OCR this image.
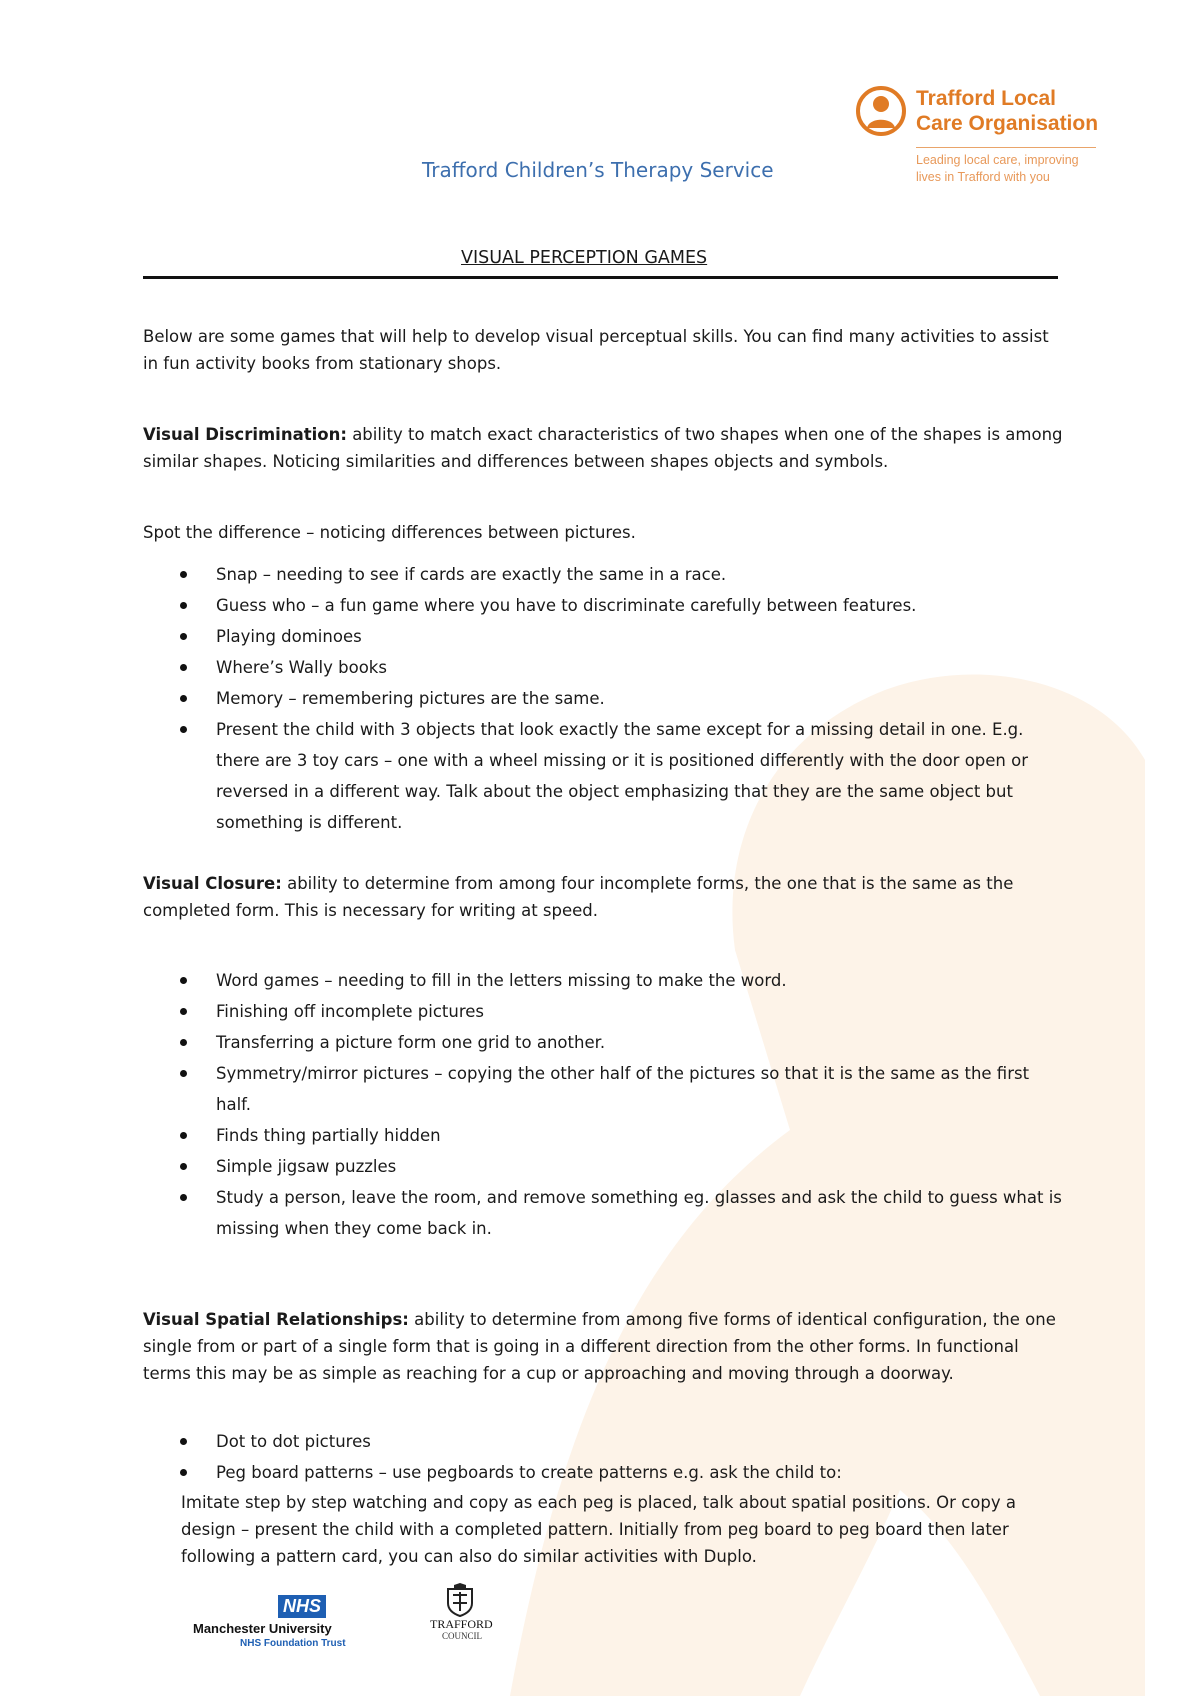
Trafford Local
Care Organisation
Leading local care, improving
lives in Trafford with you
Trafford Children’s Therapy Service
VISUAL PERCEPTION GAMES

Below are some games that will help to develop visual perceptual skills. You can find many activities to assist in fun activity books from stationary shops.

Visual Discrimination: ability to match exact characteristics of two shapes when one of the shapes is among similar shapes. Noticing similarities and differences between shapes objects and symbols.

Spot the difference – noticing differences between pictures.

Snap – needing to see if cards are exactly the same in a race.
Guess who – a fun game where you have to discriminate carefully between features.
Playing dominoes
Where’s Wally books
Memory – remembering pictures are the same.
Present the child with 3 objects that look exactly the same except for a missing detail in one. E.g. there are 3 toy cars – one with a wheel missing or it is positioned differently with the door open or reversed in a different way. Talk about the object emphasizing that they are the same object but something is different.

Visual Closure: ability to determine from among four incomplete forms, the one that is the same as the completed form. This is necessary for writing at speed.

Word games – needing to fill in the letters missing to make the word.
Finishing off incomplete pictures
Transferring a picture form one grid to another.
Symmetry/mirror pictures – copying the other half of the pictures so that it is the same as the first half.
Finds thing partially hidden
Simple jigsaw puzzles
Study a person, leave the room, and remove something eg. glasses and ask the child to guess what is missing when they come back in.

Visual Spatial Relationships: ability to determine from among five forms of identical configuration, the one single from or part of a single form that is going in a different direction from the other forms. In functional terms this may be as simple as reaching for a cup or approaching and moving through a doorway.

Dot to dot pictures
Peg board patterns – use pegboards to create patterns e.g. ask the child to:

Imitate step by step watching and copy as each peg is placed, talk about spatial positions. Or copy a design – present the child with a completed pattern. Initially from peg board to peg board then later following a pattern card, you can also do similar activities with Duplo.

NHS
Manchester University
NHS Foundation Trust
TRAFFORD
COUNCIL
